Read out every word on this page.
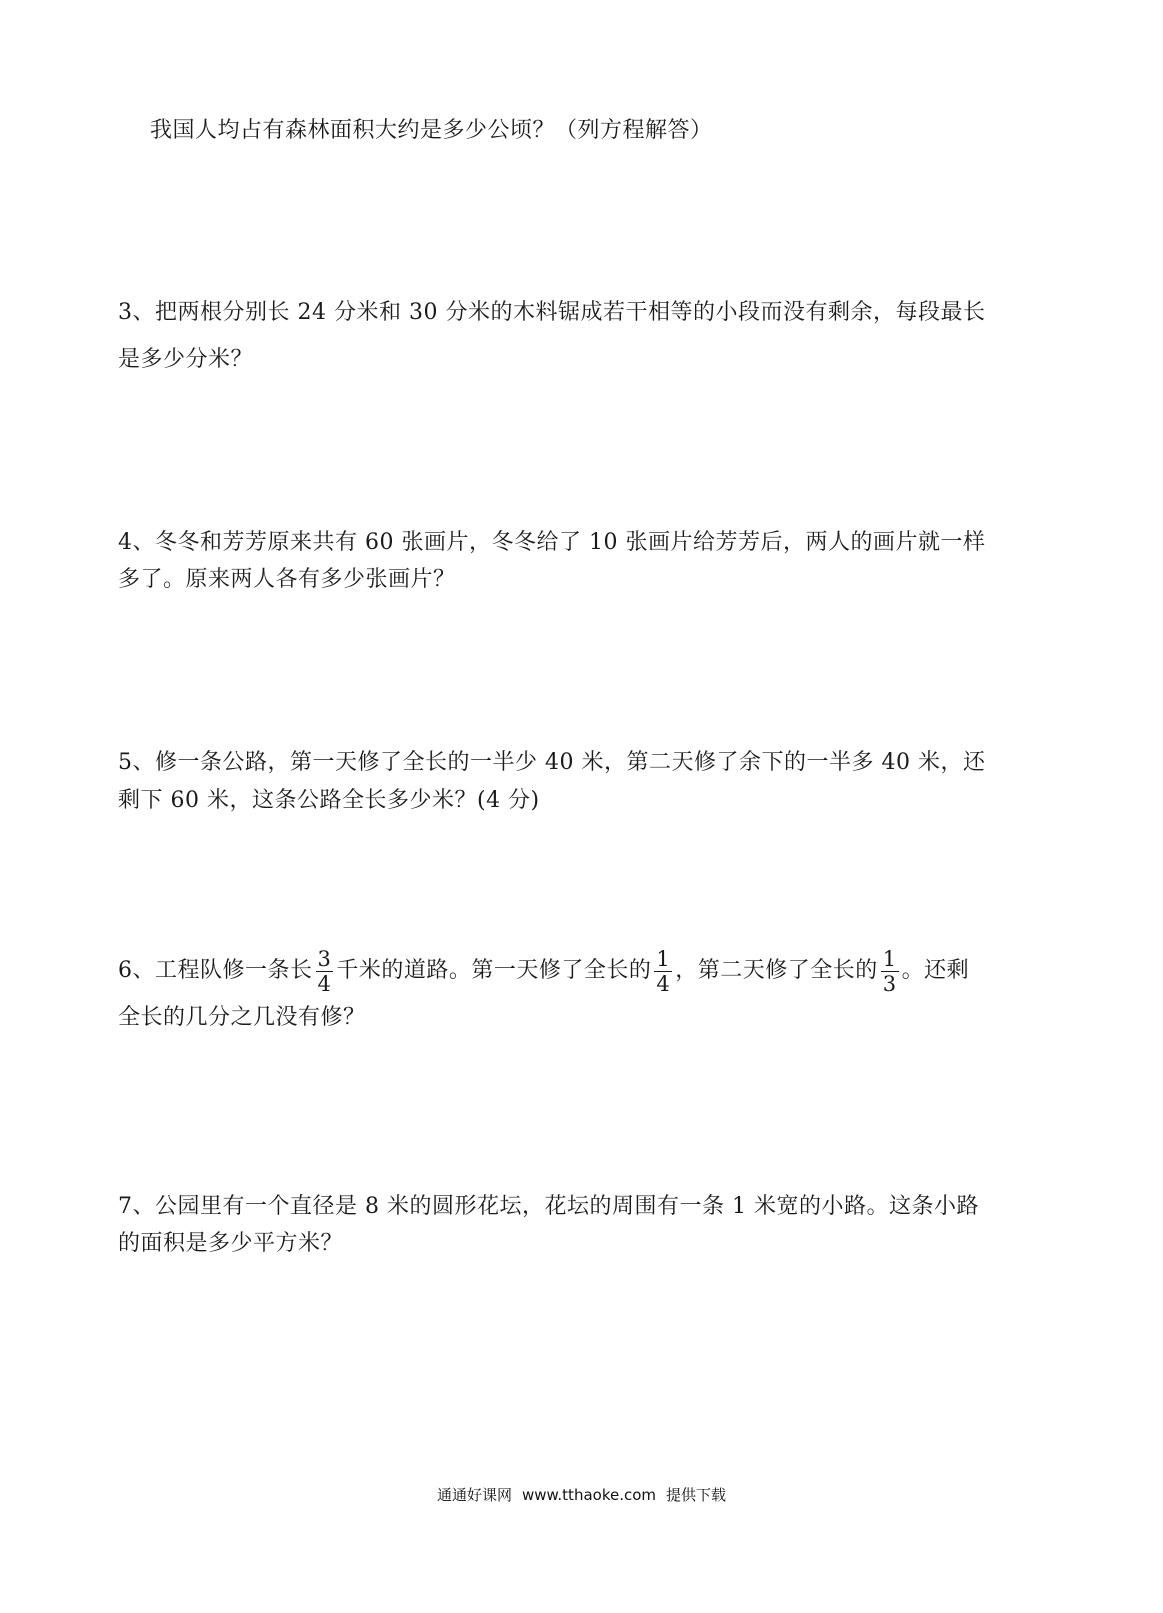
我国人均占有森林面积大约是多少公顷？（列方程解答）
3、把两根分别长 24 分米和 30 分米的木料锯成若干相等的小段而没有剩余，每段最长
是多少分米？
4、冬冬和芳芳原来共有 60 张画片，冬冬给了 10 张画片给芳芳后，两人的画片就一样
多了。原来两人各有多少张画片？
5、修一条公路，第一天修了全长的一半少 40 米，第二天修了余下的一半多 40 米，还
剩下 60 米，这条公路全长多少米？(4 分)
6、工程队修一条长 $\frac{3}{4}$ 千米的道路。第一天修了全长的 $\frac{1}{4}$ ，第二天修了全长的 $\frac{1}{3}$ 。还剩
全长的几分之几没有修？
7、公园里有一个直径是 8 米的圆形花坛，花坛的周围有一条 1 米宽的小路。这条小路
的面积是多少平方米？
通通好课网 www.tthaoke.com 提供下载
